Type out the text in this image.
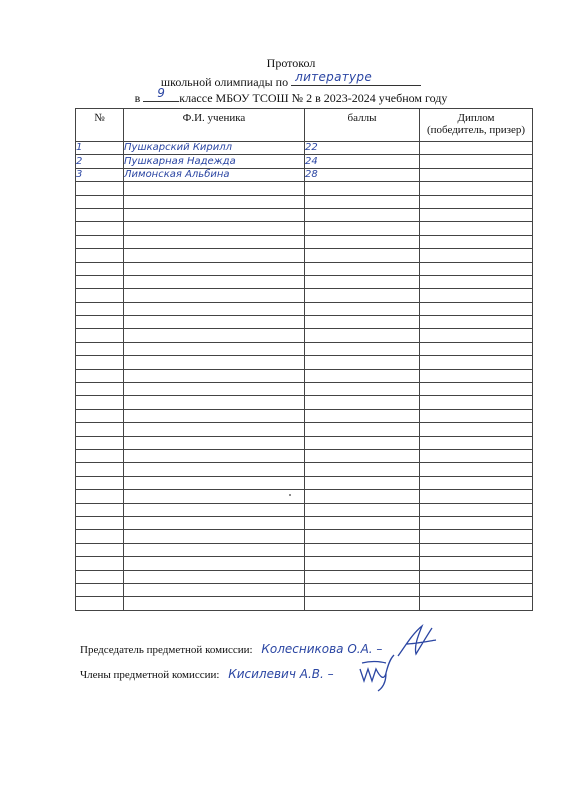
Протокол
школьной олимпиады по литературе
в 9 классе МБОУ ТСОШ № 2 в 2023-2024 учебном году
№	Ф.И. ученика	баллы	Диплом
(победитель, призер)
1	Пушкарский Кирилл	22	
2	Пушкарная Надежда	24	
3	Лимонская Альбина	28	

Председатель предметной комиссии: Колесникова О.А. –
Члены предметной комиссии: Кисилевич А.В. –
